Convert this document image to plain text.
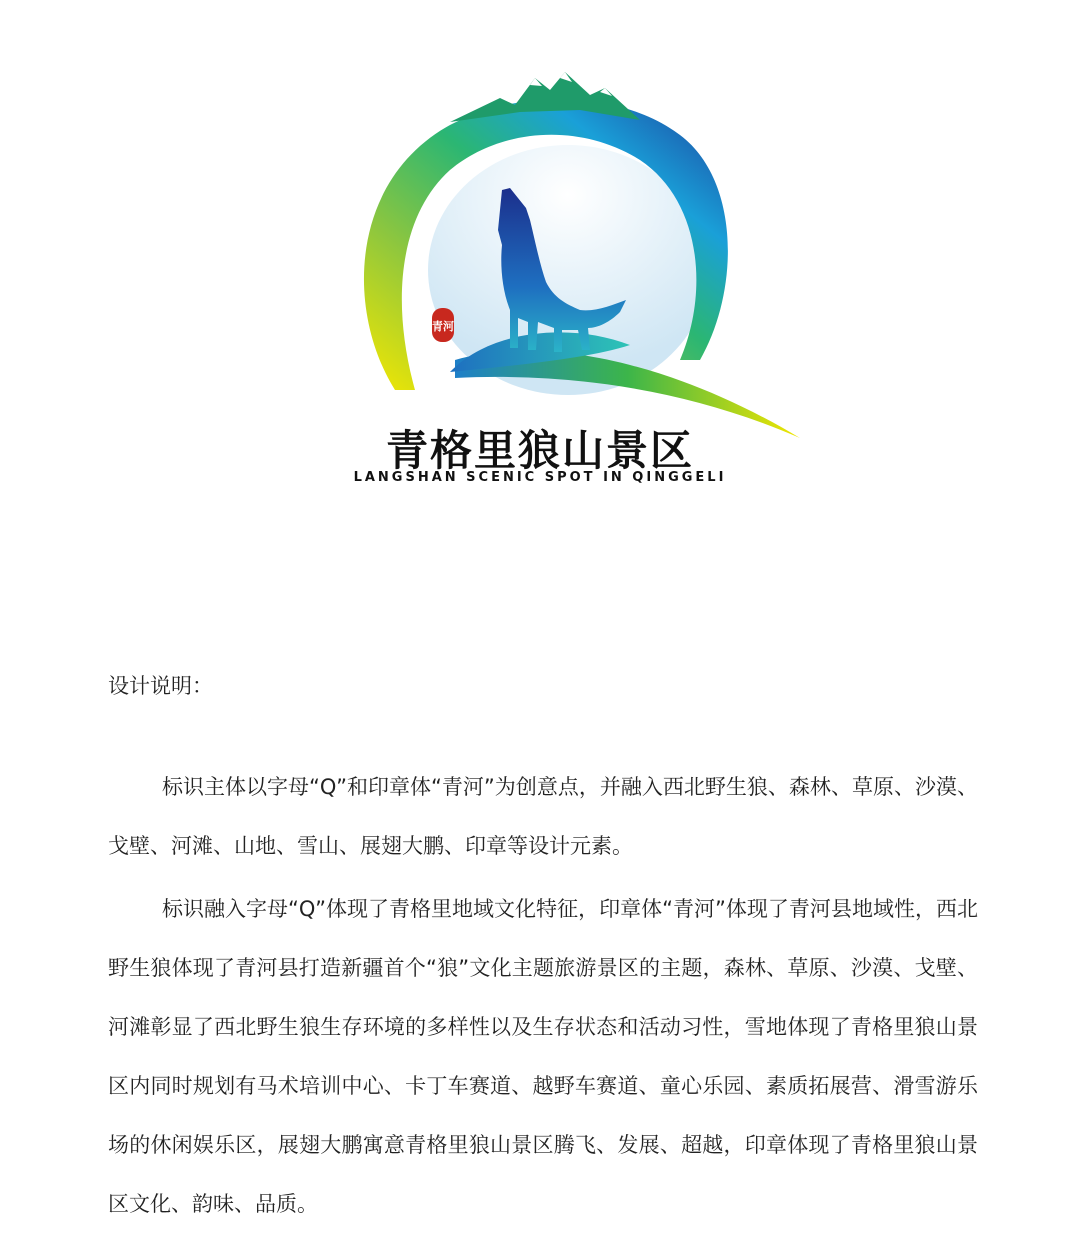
青河
青格里狼山景区
LANGSHAN SCENIC SPOT IN QINGGELI
设计说明：

标识主体以字母“Q”和印章体“青河”为创意点，并融入西北野生狼、森林、草原、沙漠、戈壁、河滩、山地、雪山、展翅大鹏、印章等设计元素。

标识融入字母“Q”体现了青格里地域文化特征，印章体“青河”体现了青河县地域性，西北野生狼体现了青河县打造新疆首个“狼”文化主题旅游景区的主题，森林、草原、沙漠、戈壁、河滩彰显了西北野生狼生存环境的多样性以及生存状态和活动习性，雪地体现了青格里狼山景区内同时规划有马术培训中心、卡丁车赛道、越野车赛道、童心乐园、素质拓展营、滑雪游乐场的休闲娱乐区，展翅大鹏寓意青格里狼山景区腾飞、发展、超越，印章体现了青格里狼山景区文化、韵味、品质。
